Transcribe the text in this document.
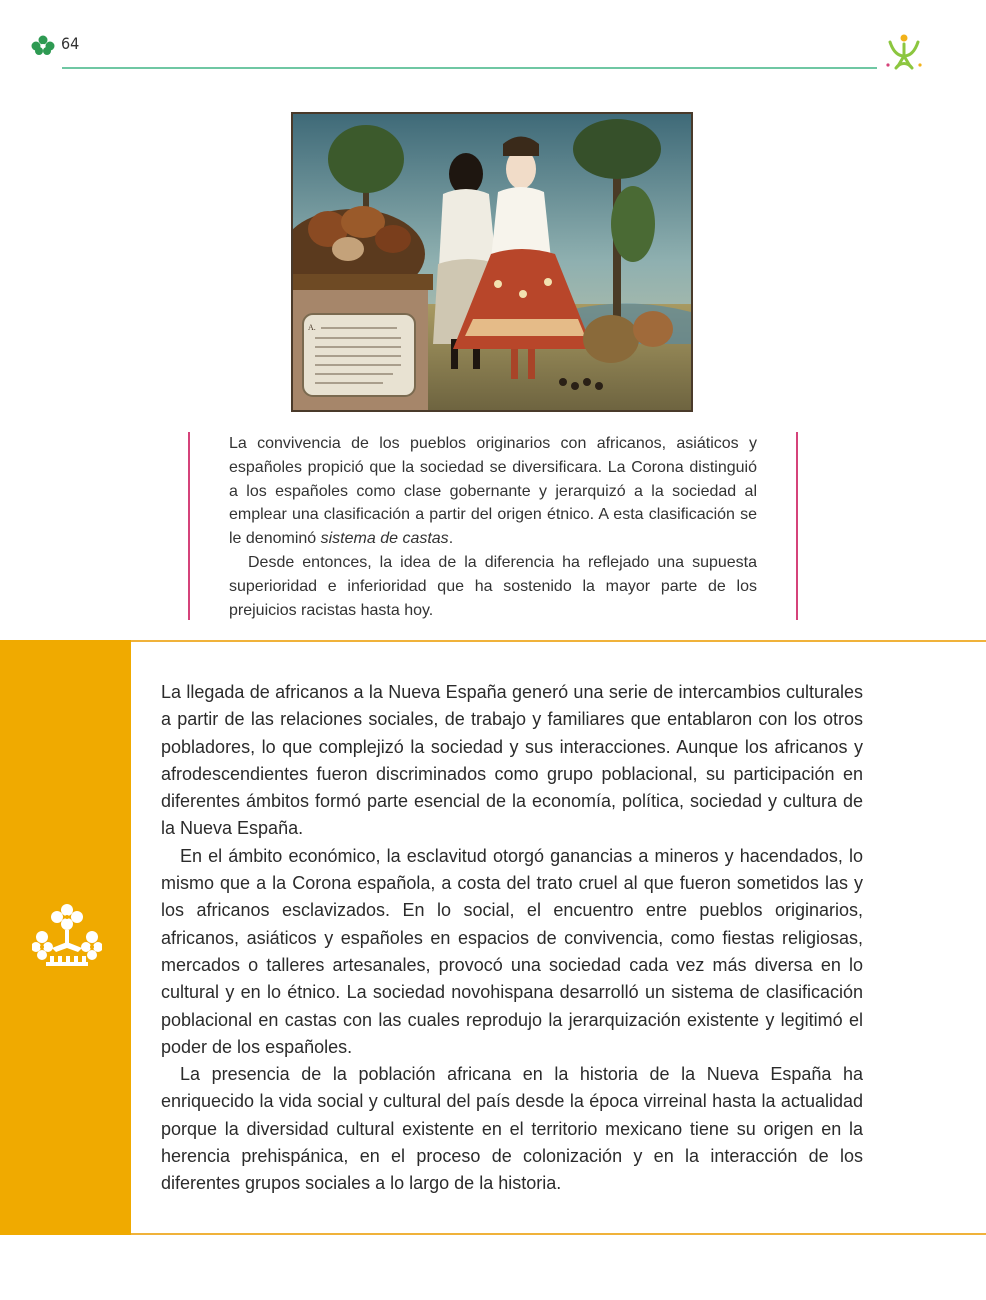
64
A.

La convivencia de los pueblos originarios con africanos, asiáticos y españoles propició que la sociedad se diversificara. La Corona distinguió a los españoles como clase gobernante y jerarquizó a la sociedad al emplear una clasificación a partir del origen étnico. A esta clasificación se le denominó sistema de castas.

Desde entonces, la idea de la diferencia ha reflejado una supuesta superioridad e inferioridad que ha sostenido la mayor parte de los prejuicios racistas hasta hoy.

La llegada de africanos a la Nueva España generó una serie de intercambios culturales a partir de las relaciones sociales, de trabajo y familiares que entablaron con los otros pobladores, lo que complejizó la sociedad y sus interacciones. Aunque los africanos y afrodescendientes fueron discriminados como grupo poblacional, su participación en diferentes ámbitos formó parte esencial de la economía, política, sociedad y cultura de la Nueva España.

En el ámbito económico, la esclavitud otorgó ganancias a mineros y hacendados, lo mismo que a la Corona española, a costa del trato cruel al que fueron sometidos las y los africanos esclavizados. En lo social, el encuentro entre pueblos originarios, africanos, asiáticos y españoles en espacios de convivencia, como fiestas religiosas, mercados o talleres artesanales, provocó una sociedad cada vez más diversa en lo cultural y en lo étnico. La sociedad novohispana desarrolló un sistema de clasificación poblacional en castas con las cuales reprodujo la jerarquización existente y legitimó el poder de los españoles.

La presencia de la población africana en la historia de la Nueva España ha enriquecido la vida social y cultural del país desde la época virreinal hasta la actualidad porque la diversidad cultural existente en el territorio mexicano tiene su origen en la herencia prehispánica, en el proceso de colonización y en la interacción de los diferentes grupos sociales a lo largo de la historia.
